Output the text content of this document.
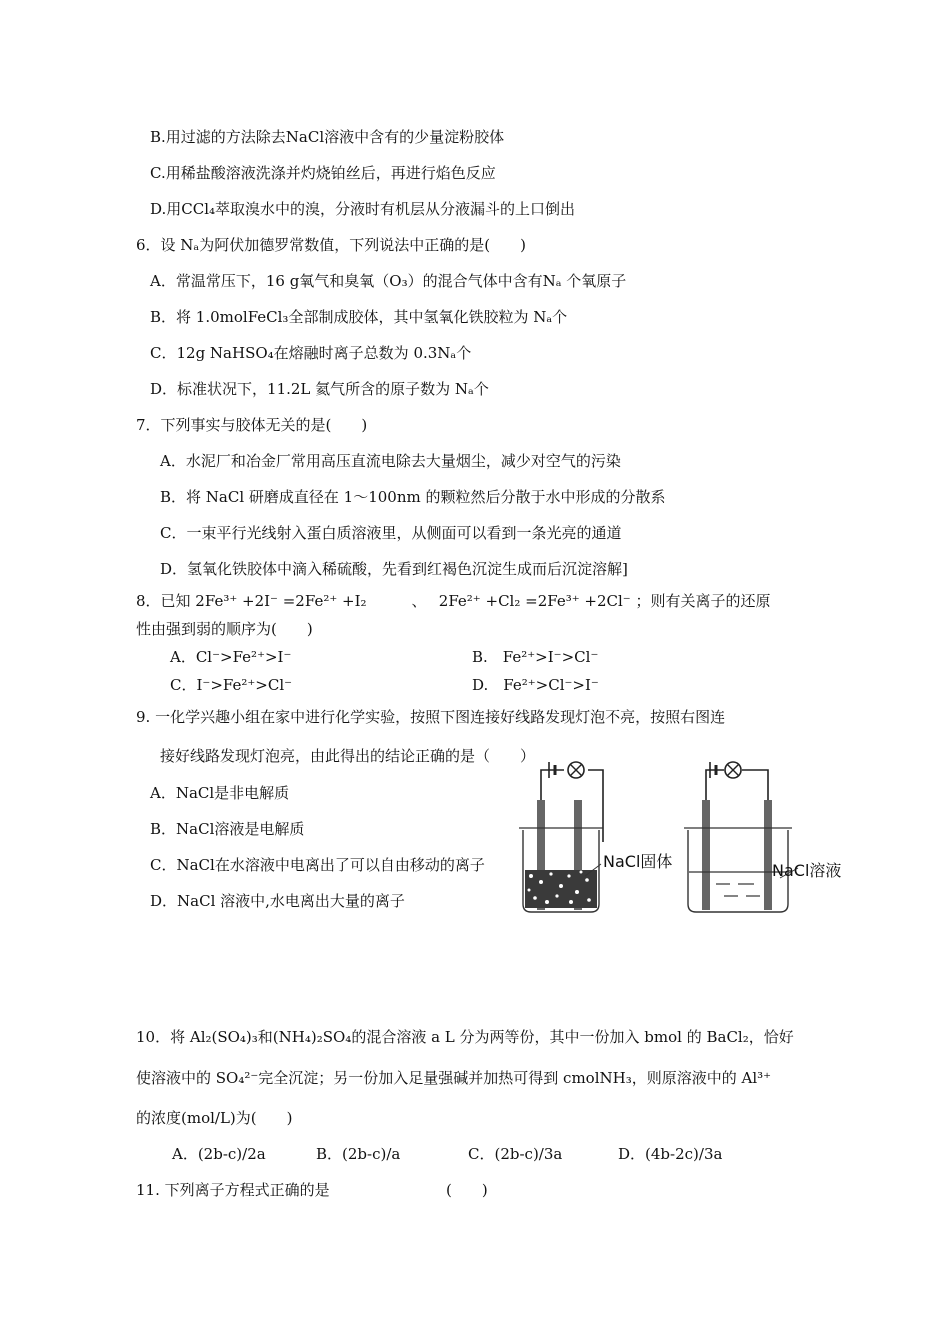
B.用过滤的方法除去NaCl溶液中含有的少量淀粉胶体
C.用稀盐酸溶液洗涤并灼烧铂丝后，再进行焰色反应
D.用CCl₄萃取溴水中的溴，分液时有机层从分液漏斗的上口倒出
6．设 Nₐ为阿伏加德罗常数值，下列说法中正确的是(　　)
A．常温常压下，16 g氧气和臭氧（O₃）的混合气体中含有Nₐ 个氧原子
B．将 1.0molFeCl₃全部制成胶体，其中氢氧化铁胶粒为 Nₐ个
C．12g NaHSO₄在熔融时离子总数为 0.3Nₐ个
D．标准状况下，11.2L 氦气所含的原子数为 Nₐ个
7．下列事实与胶体无关的是(　　)
A．水泥厂和冶金厂常用高压直流电除去大量烟尘，减少对空气的污染
B．将 NaCl 研磨成直径在 1～100nm 的颗粒然后分散于水中形成的分散系
C．一束平行光线射入蛋白质溶液里，从侧面可以看到一条光亮的通道
D．氢氧化铁胶体中滴入稀硫酸，先看到红褐色沉淀生成而后沉淀溶解]
8．已知 2Fe³⁺ +2I⁻ =2Fe²⁺ +I₂　　　、　 2Fe²⁺ +Cl₂ =2Fe³⁺ +2Cl⁻ ；则有关离子的还原
性由强到弱的顺序为(　　)
A．Cl⁻>Fe²⁺>I⁻	B.　Fe²⁺>I⁻>Cl⁻
C．I⁻>Fe²⁺>Cl⁻	D.　Fe²⁺>Cl⁻>I⁻
9. 一化学兴趣小组在家中进行化学实验，按照下图连接好线路发现灯泡不亮，按照右图连
接好线路发现灯泡亮，由此得出的结论正确的是（　　）
A．NaCl是非电解质
B．NaCl溶液是电解质
C．NaCl在水溶液中电离出了可以自由移动的离子
D．NaCl 溶液中,水电离出大量的离子
NaCl固体	NaCl溶液
10．将 Al₂(SO₄)₃和(NH₄)₂SO₄的混合溶液 a L 分为两等份，其中一份加入 bmol 的 BaCl₂，恰好
使溶液中的 SO₄²⁻完全沉淀；另一份加入足量强碱并加热可得到 cmolNH₃，则原溶液中的 Al³⁺
的浓度(mol/L)为(　　)
A．(2b-c)/2a	B．(2b-c)/a	C．(2b-c)/3a	D．(4b-2c)/3a
11. 下列离子方程式正确的是	(　　)
